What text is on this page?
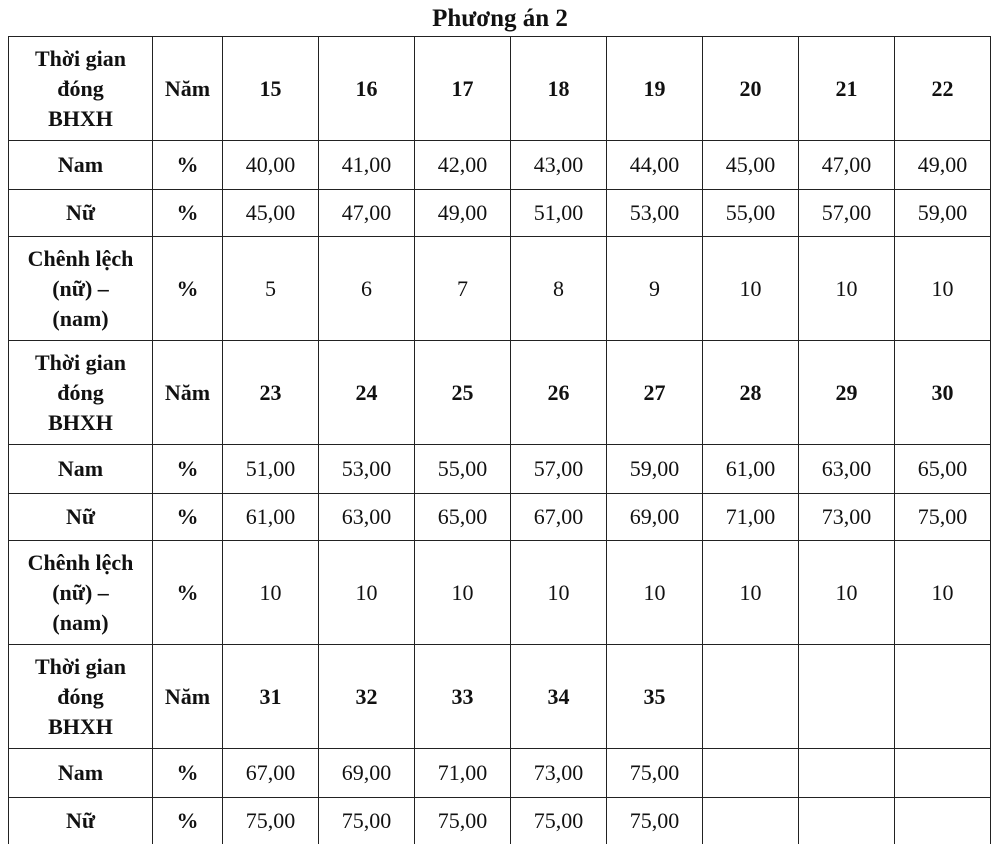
Phương án 2
Thời gian
đóng
BHXH	Năm	15	16	17	18	19	20	21	22
Nam	%	40,00	41,00	42,00	43,00	44,00	45,00	47,00	49,00
Nữ	%	45,00	47,00	49,00	51,00	53,00	55,00	57,00	59,00

Chênh lệch
(nữ) –
(nam)	%	5	6	7	8	9	10	10	10

Thời gian
đóng
BHXH	Năm	23	24	25	26	27	28	29	30
Nam	%	51,00	53,00	55,00	57,00	59,00	61,00	63,00	65,00
Nữ	%	61,00	63,00	65,00	67,00	69,00	71,00	73,00	75,00

Chênh lệch
(nữ) –
(nam)	%	10	10	10	10	10	10	10	10

Thời gian
đóng
BHXH	Năm	31	32	33	34	35			
Nam	%	67,00	69,00	71,00	73,00	75,00			
Nữ	%	75,00	75,00	75,00	75,00	75,00			
